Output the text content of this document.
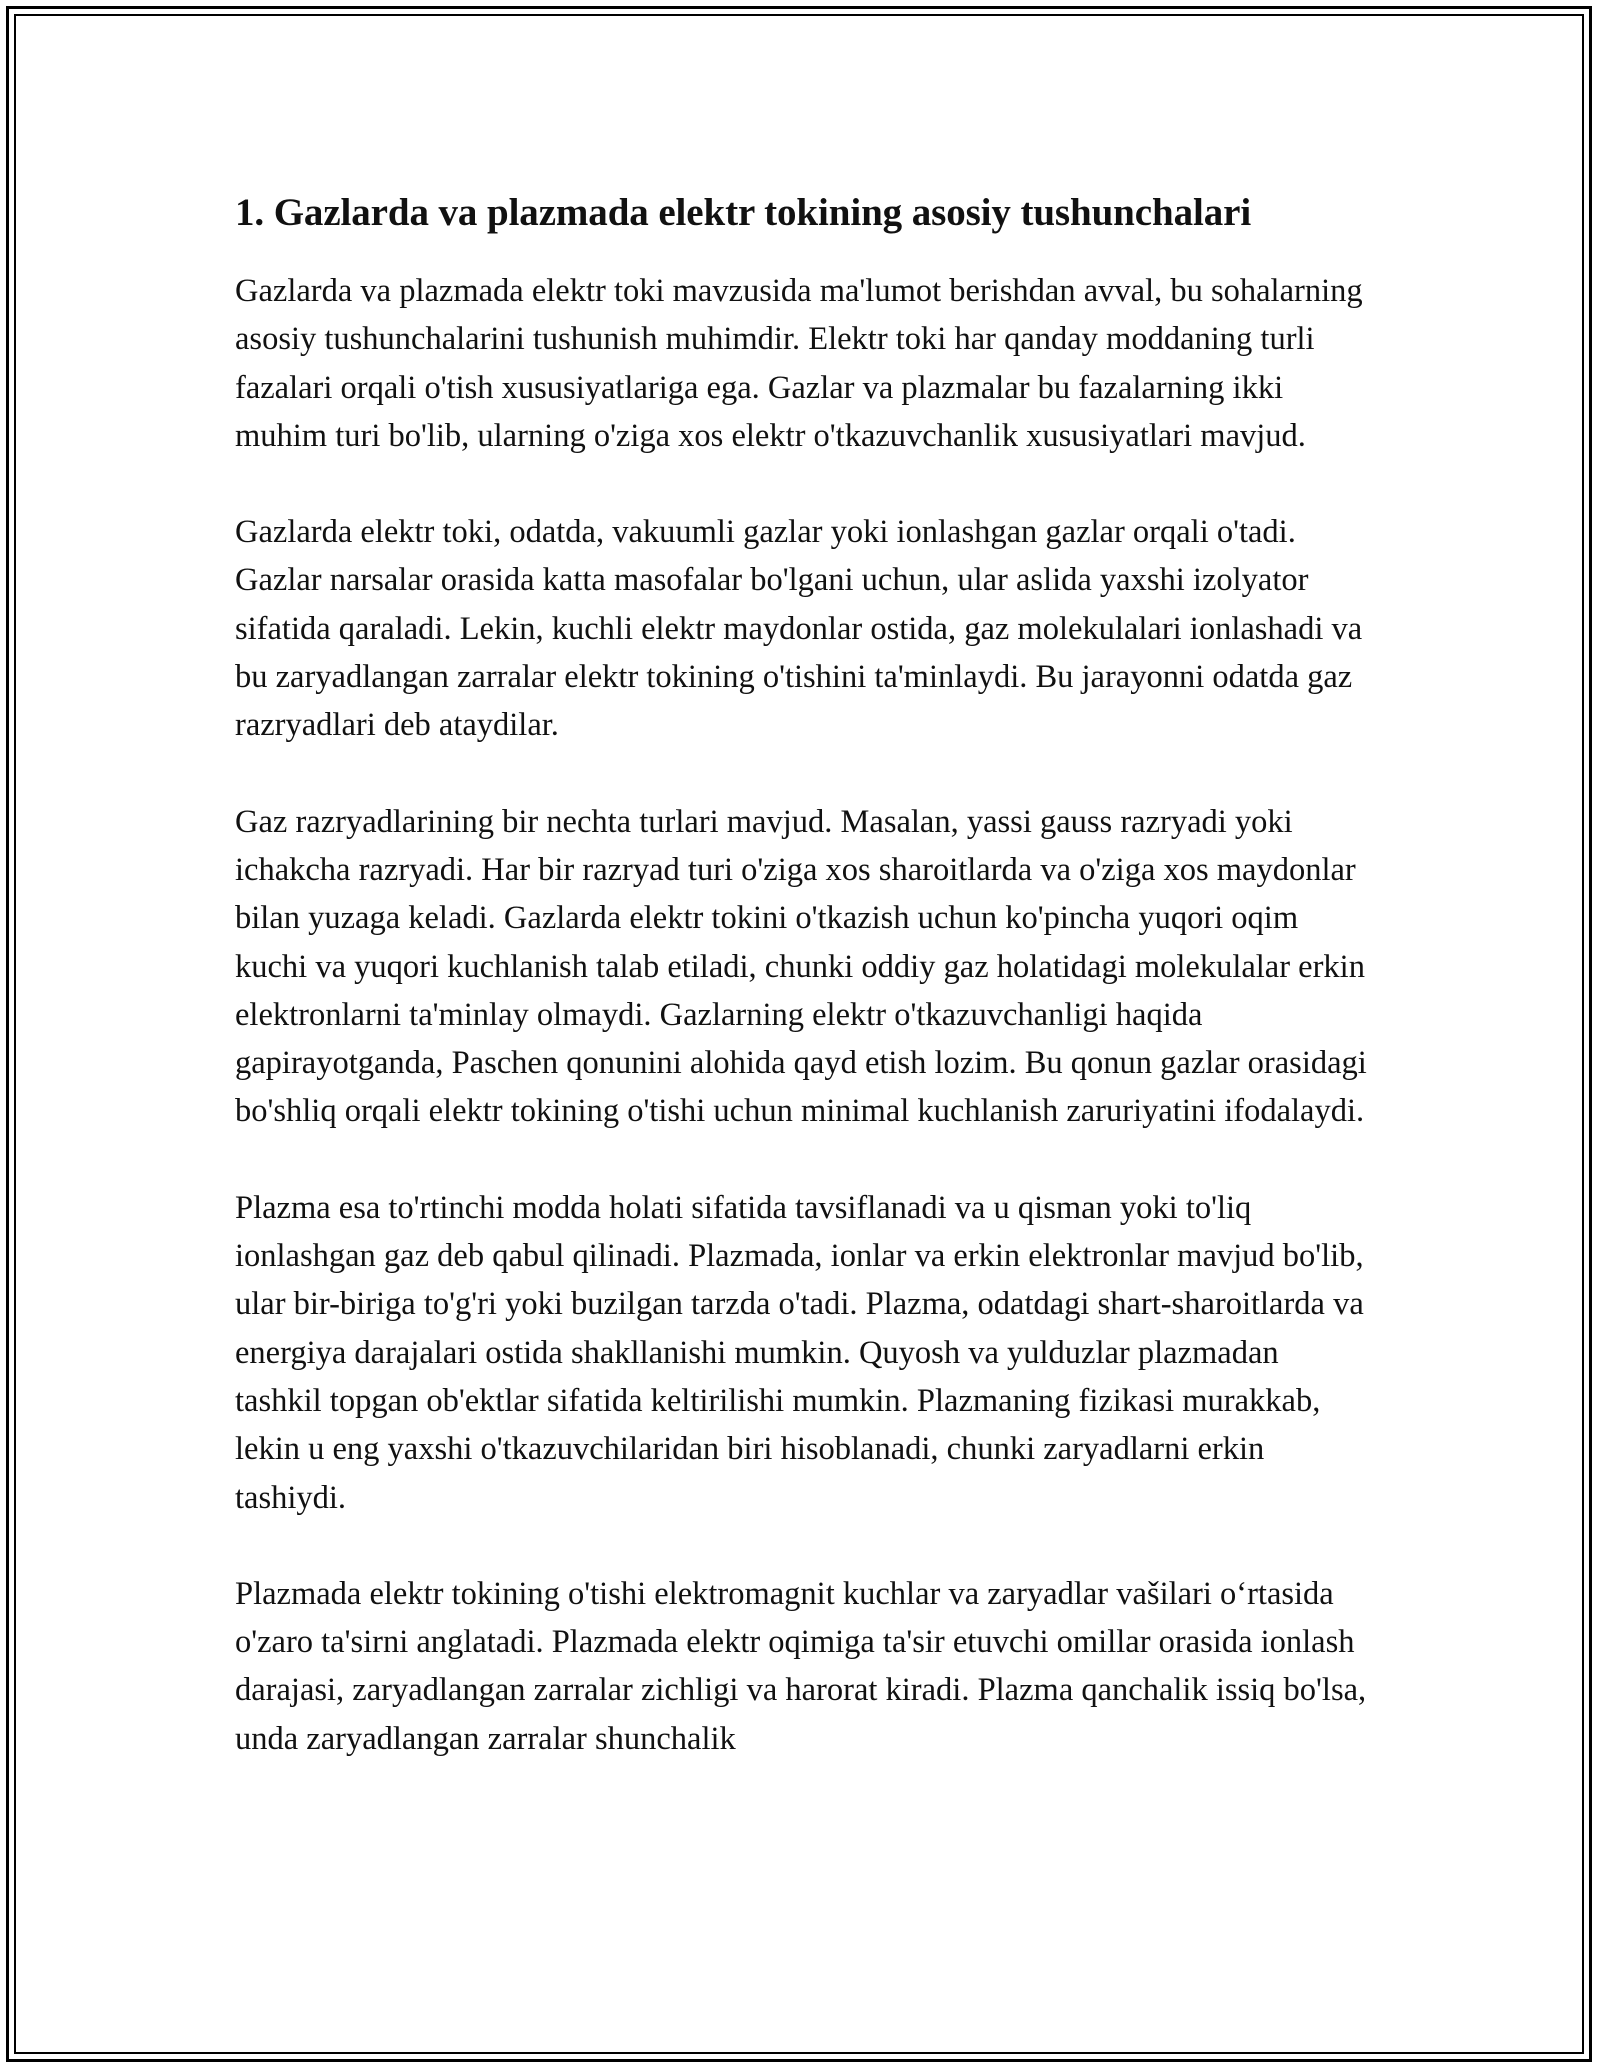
1. Gazlarda va plazmada elektr tokining asosiy tushunchalari

Gazlarda va plazmada elektr toki mavzusida ma'lumot berishdan avval, bu sohalarning asosiy tushunchalarini tushunish muhimdir. Elektr toki har qanday moddaning turli fazalari orqali o'tish xususiyatlariga ega. Gazlar va plazmalar bu fazalarning ikki muhim turi bo'lib, ularning o'ziga xos elektr o'tkazuvchanlik xususiyatlari mavjud.

Gazlarda elektr toki, odatda, vakuumli gazlar yoki ionlashgan gazlar orqali o'tadi. Gazlar narsalar orasida katta masofalar bo'lgani uchun, ular aslida yaxshi izolyator sifatida qaraladi. Lekin, kuchli elektr maydonlar ostida, gaz molekulalari ionlashadi va bu zaryadlangan zarralar elektr tokining o'tishini ta'minlaydi. Bu jarayonni odatda gaz razryadlari deb ataydilar.

Gaz razryadlarining bir nechta turlari mavjud. Masalan, yassi gauss razryadi yoki ichakcha razryadi. Har bir razryad turi o'ziga xos sharoitlarda va o'ziga xos maydonlar bilan yuzaga keladi. Gazlarda elektr tokini o'tkazish uchun ko'pincha yuqori oqim kuchi va yuqori kuchlanish talab etiladi, chunki oddiy gaz holatidagi molekulalar erkin elektronlarni ta'minlay olmaydi. Gazlarning elektr o'tkazuvchanligi haqida gapirayotganda, Paschen qonunini alohida qayd etish lozim. Bu qonun gazlar orasidagi bo'shliq orqali elektr tokining o'tishi uchun minimal kuchlanish zaruriyatini ifodalaydi.

Plazma esa to'rtinchi modda holati sifatida tavsiflanadi va u qisman yoki to'liq ionlashgan gaz deb qabul qilinadi. Plazmada, ionlar va erkin elektronlar mavjud bo'lib, ular bir-biriga to'g'ri yoki buzilgan tarzda o'tadi. Plazma, odatdagi shart-sharoitlarda va energiya darajalari ostida shakllanishi mumkin. Quyosh va yulduzlar plazmadan tashkil topgan ob'ektlar sifatida keltirilishi mumkin. Plazmaning fizikasi murakkab, lekin u eng yaxshi o'tkazuvchilaridan biri hisoblanadi, chunki zaryadlarni erkin tashiydi.

Plazmada elektr tokining o'tishi elektromagnit kuchlar va zaryadlar vašilari oʻrtasida o'zaro ta'sirni anglatadi. Plazmada elektr oqimiga ta'sir etuvchi omillar orasida ionlash darajasi, zaryadlangan zarralar zichligi va harorat kiradi. Plazma qanchalik issiq bo'lsa, unda zaryadlangan zarralar shunchalik
